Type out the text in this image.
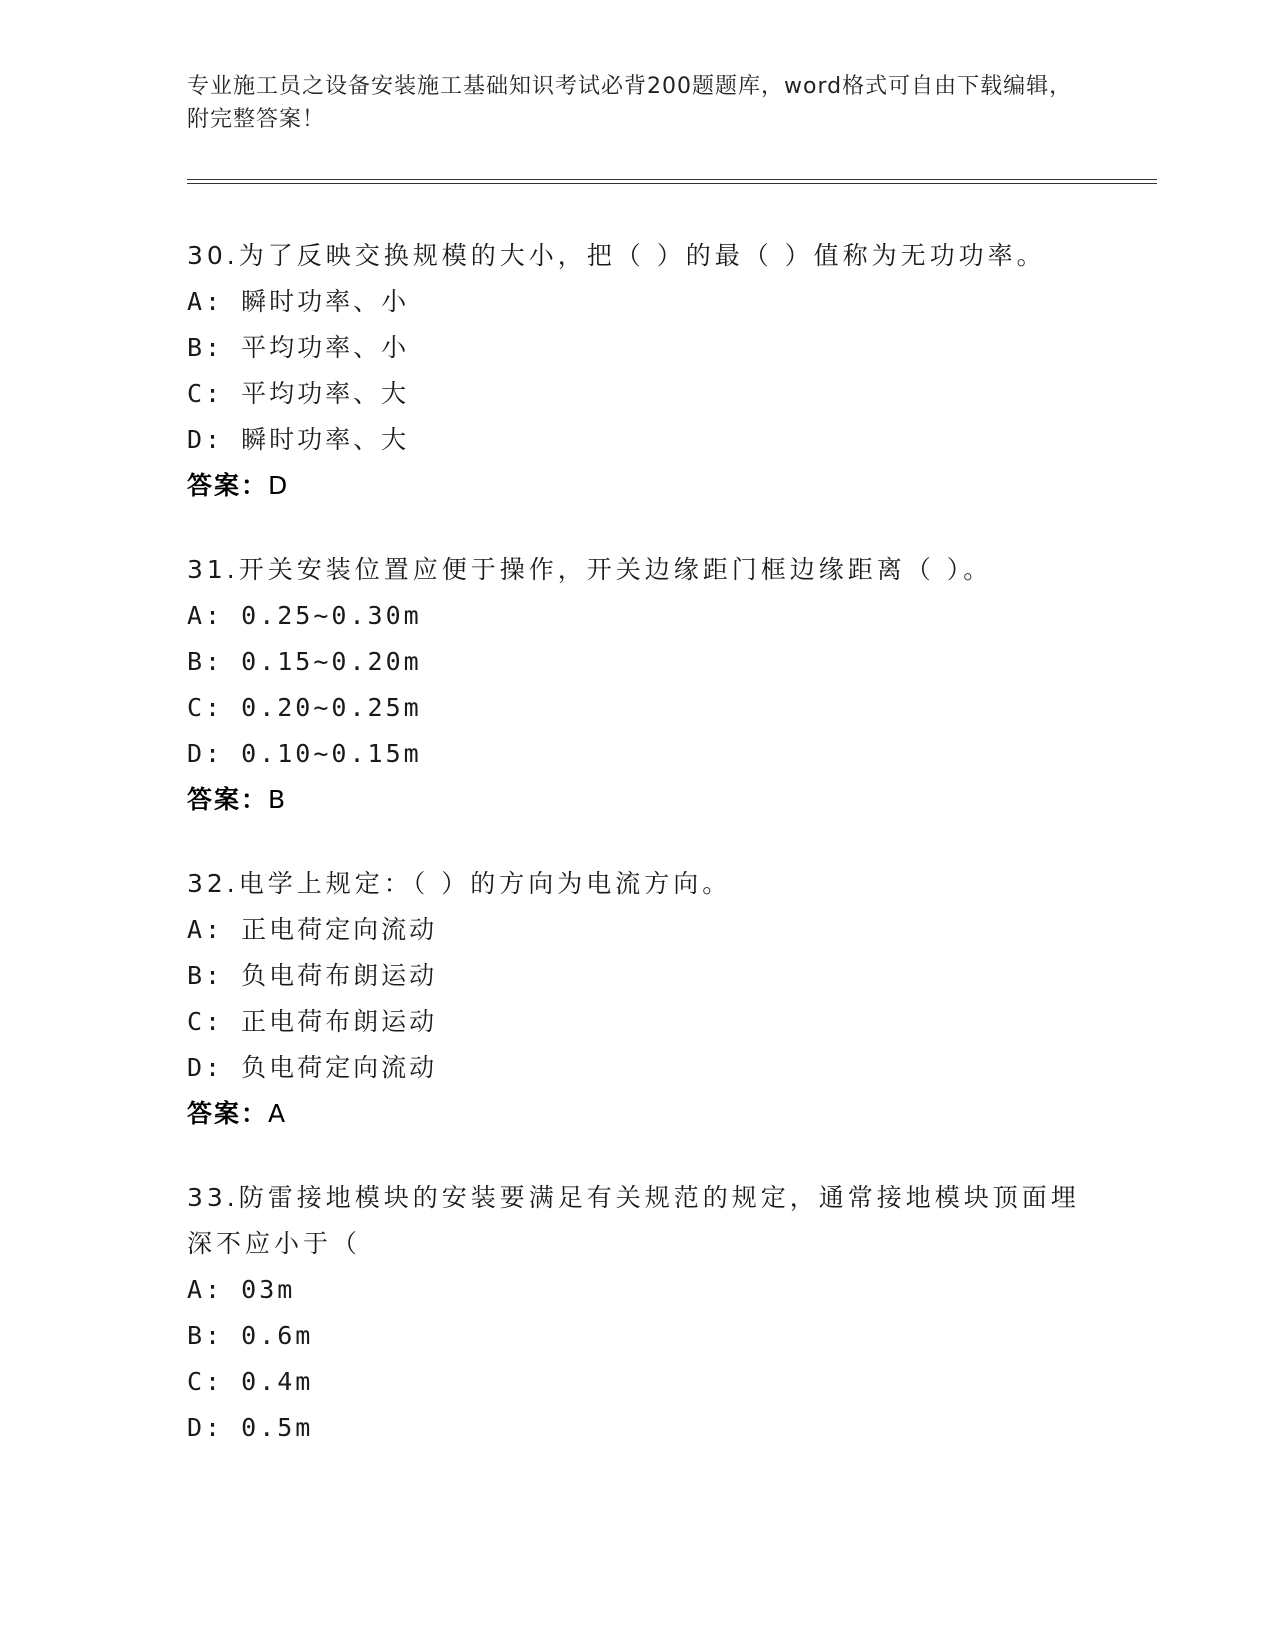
专业施工员之设备安装施工基础知识考试必背200题题库，word格式可自由下载编辑，附完整答案！
30.为了反映交换规模的大小，把（ ）的最（ ）值称为无功功率。
A: 瞬时功率、小
B: 平均功率、小
C: 平均功率、大
D: 瞬时功率、大
答案：D
31.开关安装位置应便于操作，开关边缘距门框边缘距离（ ）。
A: 0.25~0.30m
B: 0.15~0.20m
C: 0.20~0.25m
D: 0.10~0.15m
答案：B
32.电学上规定：（ ）的方向为电流方向。
A: 正电荷定向流动
B: 负电荷布朗运动
C: 正电荷布朗运动
D: 负电荷定向流动
答案：A
33.防雷接地模块的安装要满足有关规范的规定，通常接地模块顶面埋
深不应小于（
A: 03m
B: 0.6m
C: 0.4m
D: 0.5m
